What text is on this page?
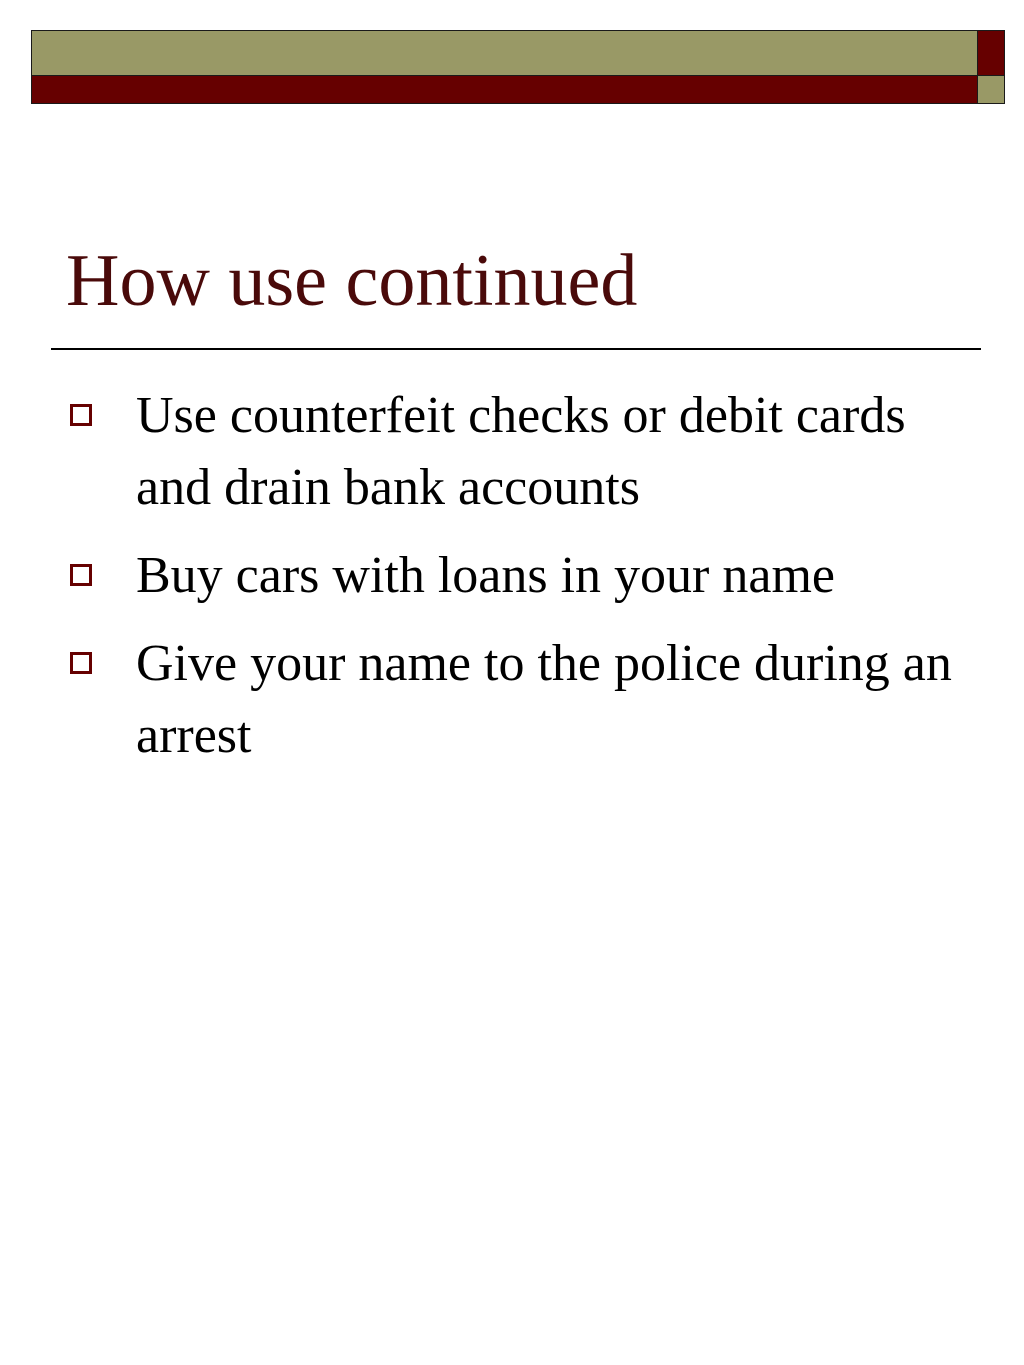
How use continued
Use counterfeit checks or debit cards and drain bank accounts
Buy cars with loans in your name
Give your name to the police during an arrest
